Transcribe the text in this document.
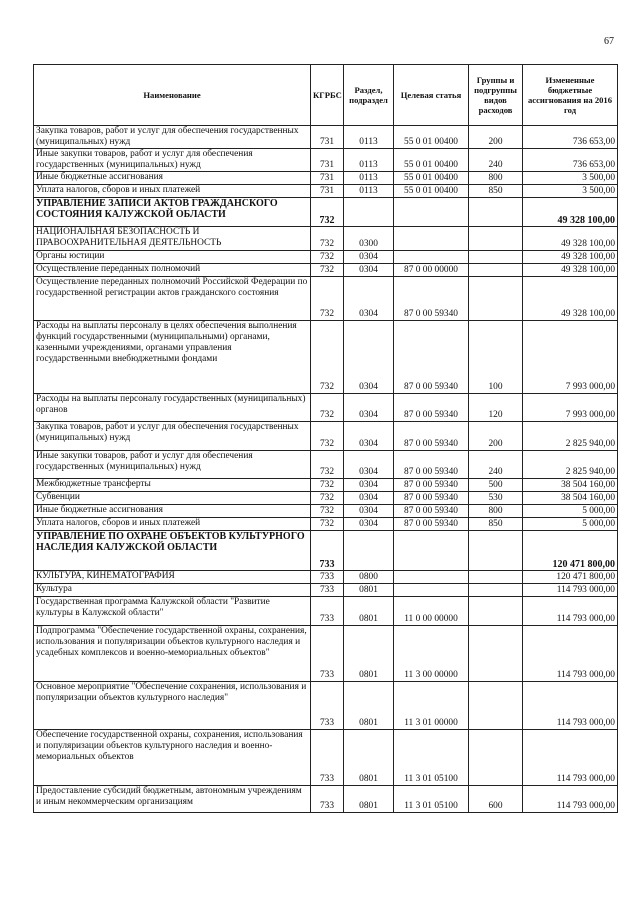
67
Наименование	КГРБС	Раздел, подраздел	Целевая статья	Группы и подгруппы видов расходов	Измененные бюджетные ассигнования на 2016 год
Закупка товаров, работ и услуг для обеспечения государственных (муниципальных) нужд	731	0113	55 0 01 00400	200	736 653,00
Иные закупки товаров, работ и услуг для обеспечения государственных (муниципальных) нужд	731	0113	55 0 01 00400	240	736 653,00
Иные бюджетные ассигнования	731	0113	55 0 01 00400	800	3 500,00
Уплата налогов, сборов и иных платежей	731	0113	55 0 01 00400	850	3 500,00
УПРАВЛЕНИЕ ЗАПИСИ АКТОВ ГРАЖДАНСКОГО СОСТОЯНИЯ КАЛУЖСКОЙ ОБЛАСТИ	732				49 328 100,00
НАЦИОНАЛЬНАЯ БЕЗОПАСНОСТЬ И ПРАВООХРАНИТЕЛЬНАЯ ДЕЯТЕЛЬНОСТЬ	732	0300			49 328 100,00
Органы юстиции	732	0304			49 328 100,00
Осуществление переданных полномочий	732	0304	87 0 00 00000		49 328 100,00
Осуществление переданных полномочий Российской Федерации по государственной регистрации актов гражданского состояния	732	0304	87 0 00 59340		49 328 100,00
Расходы на выплаты персоналу в целях обеспечения выполнения функций государственными (муниципальными) органами, казенными учреждениями, органами управления государственными внебюджетными фондами	732	0304	87 0 00 59340	100	7 993 000,00
Расходы на выплаты персоналу государственных (муниципальных) органов	732	0304	87 0 00 59340	120	7 993 000,00
Закупка товаров, работ и услуг для обеспечения государственных (муниципальных) нужд	732	0304	87 0 00 59340	200	2 825 940,00
Иные закупки товаров, работ и услуг для обеспечения государственных (муниципальных) нужд	732	0304	87 0 00 59340	240	2 825 940,00
Межбюджетные трансферты	732	0304	87 0 00 59340	500	38 504 160,00
Субвенции	732	0304	87 0 00 59340	530	38 504 160,00
Иные бюджетные ассигнования	732	0304	87 0 00 59340	800	5 000,00
Уплата налогов, сборов и иных платежей	732	0304	87 0 00 59340	850	5 000,00
УПРАВЛЕНИЕ ПО ОХРАНЕ ОБЪЕКТОВ КУЛЬТУРНОГО НАСЛЕДИЯ КАЛУЖСКОЙ ОБЛАСТИ	733				120 471 800,00
КУЛЬТУРА, КИНЕМАТОГРАФИЯ	733	0800			120 471 800,00
Культура	733	0801			114 793 000,00
Государственная программа Калужской области "Развитие культуры в Калужской области"	733	0801	11 0 00 00000		114 793 000,00
Подпрограмма "Обеспечение государственной охраны, сохранения, использования и популяризации объектов культурного наследия и усадебных комплексов и военно-мемориальных объектов"	733	0801	11 3 00 00000		114 793 000,00
Основное мероприятие "Обеспечение сохранения, использования и популяризации объектов культурного наследия"	733	0801	11 3 01 00000		114 793 000,00
Обеспечение государственной охраны, сохранения, использования и популяризации объектов культурного наследия и военно-мемориальных объектов	733	0801	11 3 01 05100		114 793 000,00
Предоставление субсидий бюджетным, автономным учреждениям и иным некоммерческим организациям	733	0801	11 3 01 05100	600	114 793 000,00
